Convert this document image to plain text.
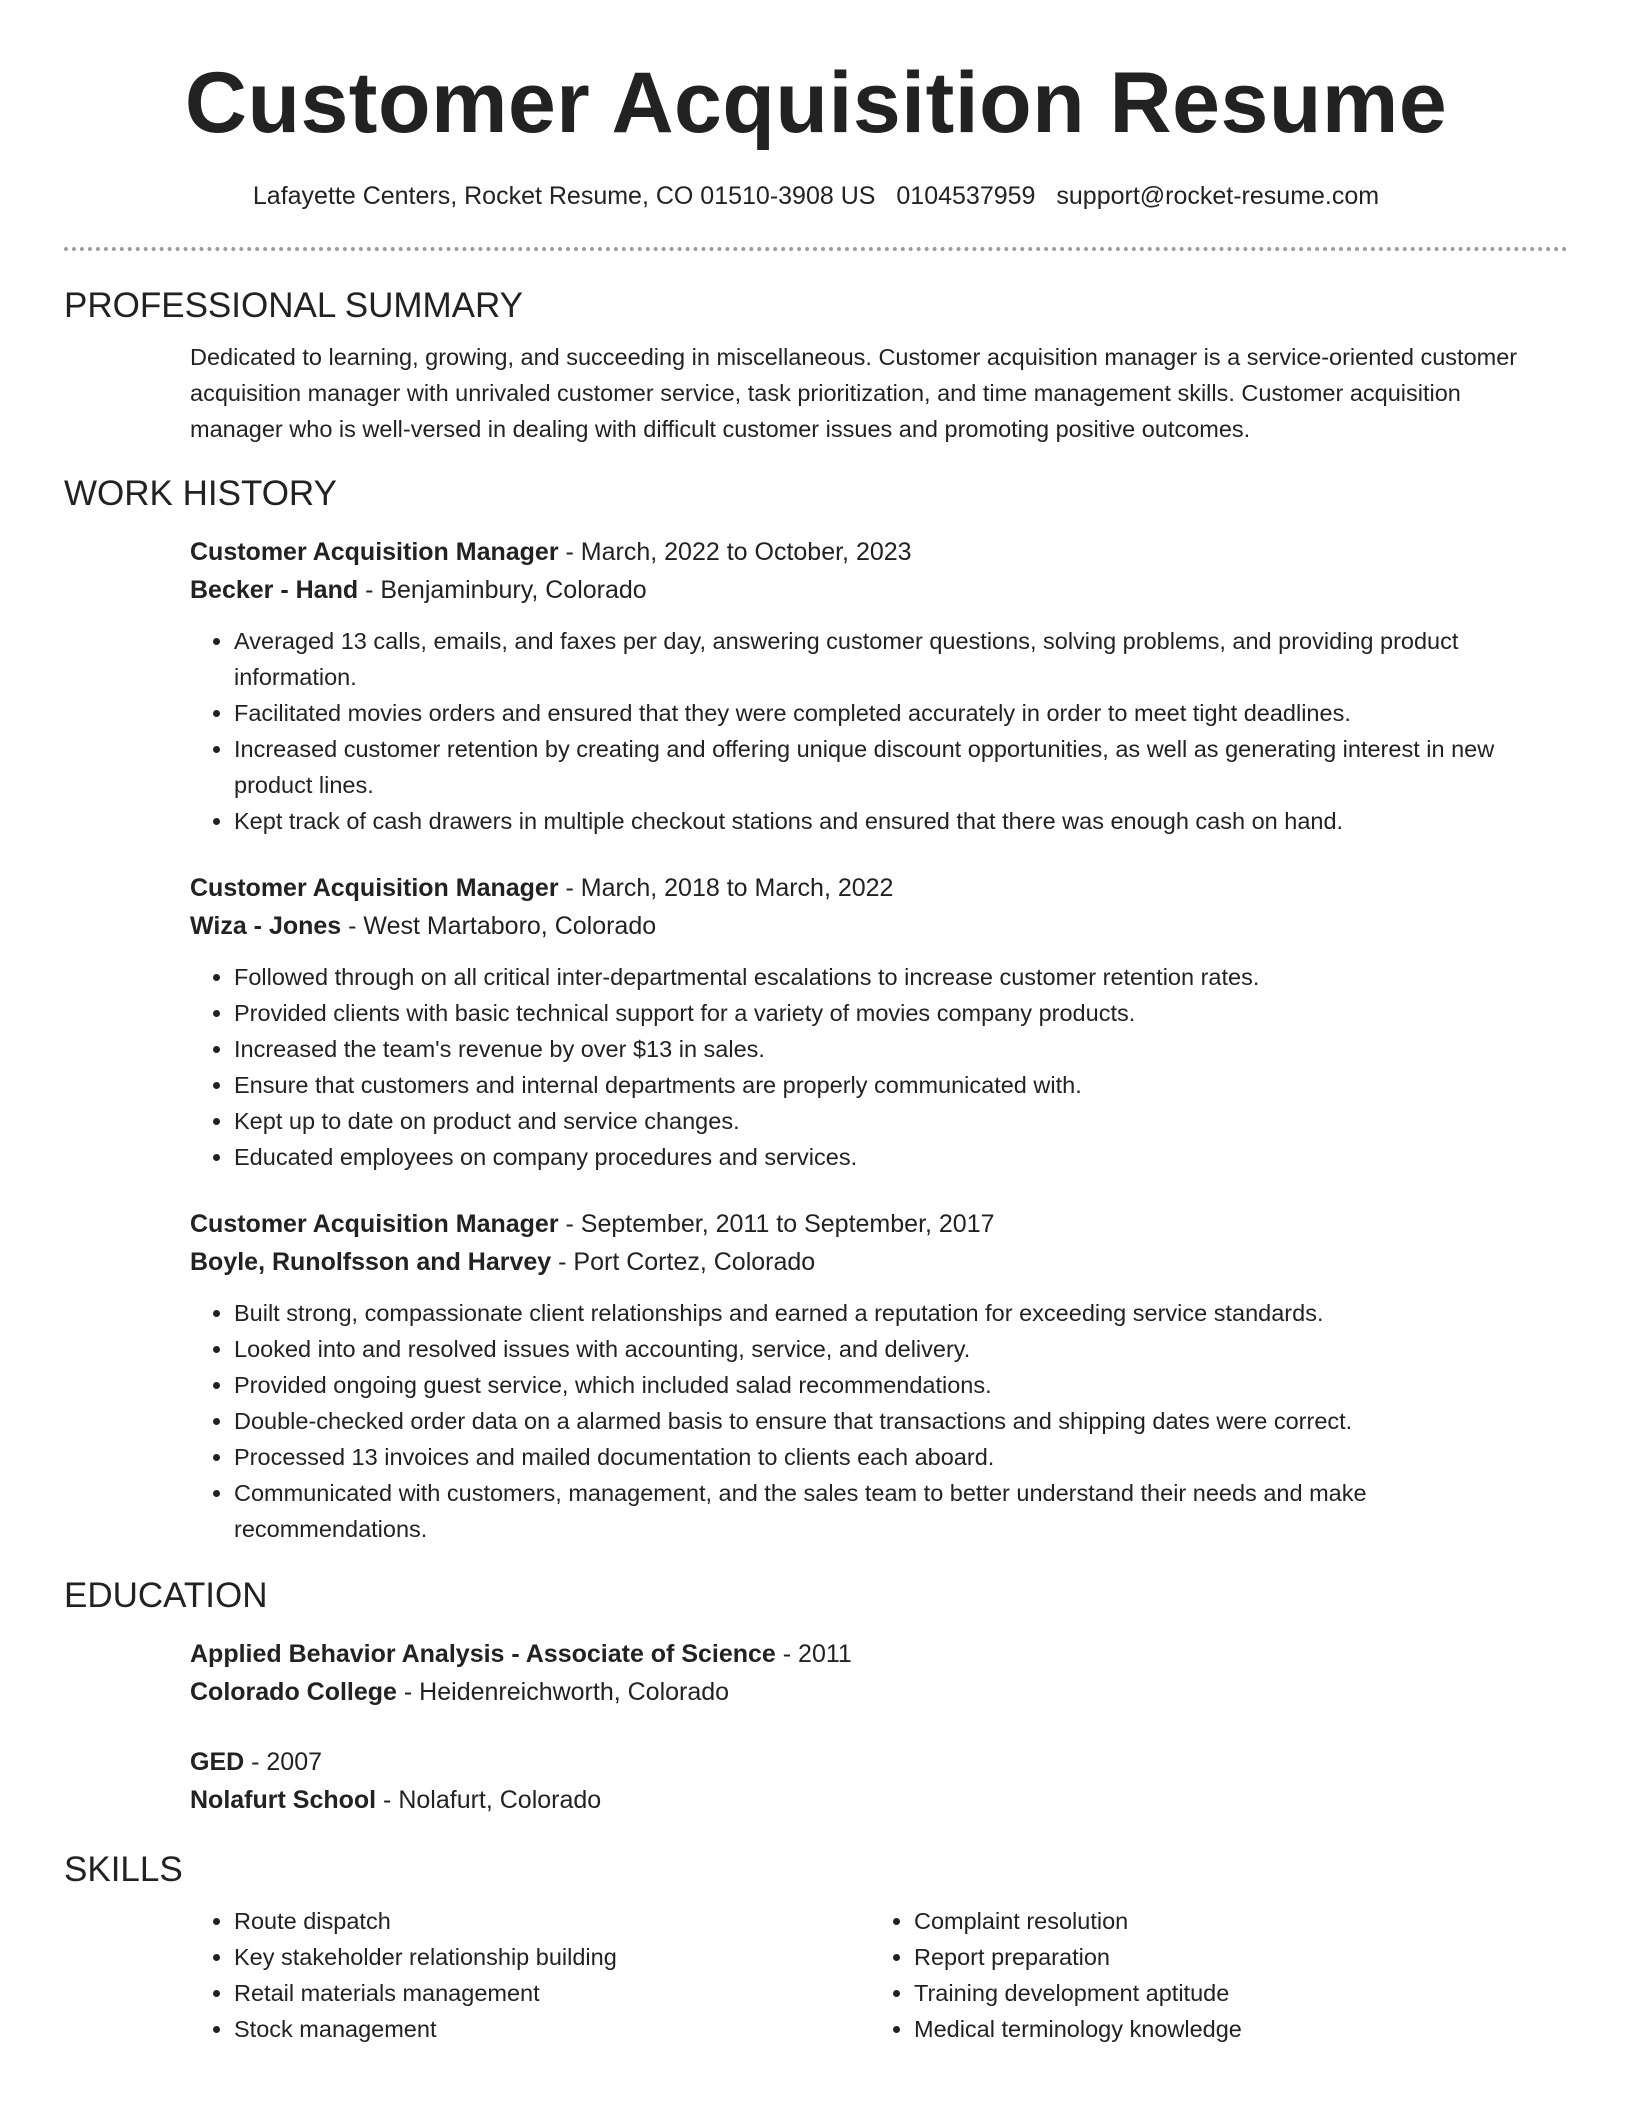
Customer Acquisition Resume
Lafayette Centers, Rocket Resume, CO 01510-3908 US 0104537959 support@rocket-resume.com
PROFESSIONAL SUMMARY

Dedicated to learning, growing, and succeeding in miscellaneous. Customer acquisition manager is a service-oriented customer acquisition manager with unrivaled customer service, task prioritization, and time management skills. Customer acquisition manager who is well-versed in dealing with difficult customer issues and promoting positive outcomes.

WORK HISTORY

Customer Acquisition Manager - March, 2022 to October, 2023

Becker - Hand - Benjaminbury, Colorado

• Averaged 13 calls, emails, and faxes per day, answering customer questions, solving problems, and providing product information.
• Facilitated movies orders and ensured that they were completed accurately in order to meet tight deadlines.
• Increased customer retention by creating and offering unique discount opportunities, as well as generating interest in new product lines.
• Kept track of cash drawers in multiple checkout stations and ensured that there was enough cash on hand.

Customer Acquisition Manager - March, 2018 to March, 2022

Wiza - Jones - West Martaboro, Colorado

• Followed through on all critical inter-departmental escalations to increase customer retention rates.
• Provided clients with basic technical support for a variety of movies company products.
• Increased the team's revenue by over $13 in sales.
• Ensure that customers and internal departments are properly communicated with.
• Kept up to date on product and service changes.
• Educated employees on company procedures and services.

Customer Acquisition Manager - September, 2011 to September, 2017

Boyle, Runolfsson and Harvey - Port Cortez, Colorado

• Built strong, compassionate client relationships and earned a reputation for exceeding service standards.
• Looked into and resolved issues with accounting, service, and delivery.
• Provided ongoing guest service, which included salad recommendations.
• Double-checked order data on a alarmed basis to ensure that transactions and shipping dates were correct.
• Processed 13 invoices and mailed documentation to clients each aboard.
• Communicated with customers, management, and the sales team to better understand their needs and make recommendations.
EDUCATION

Applied Behavior Analysis - Associate of Science - 2011

Colorado College - Heidenreichworth, Colorado

GED - 2007

Nolafurt School - Nolafurt, Colorado

SKILLS
• Route dispatch
• Key stakeholder relationship building
• Retail materials management
• Stock management
• Complaint resolution
• Report preparation
• Training development aptitude
• Medical terminology knowledge
